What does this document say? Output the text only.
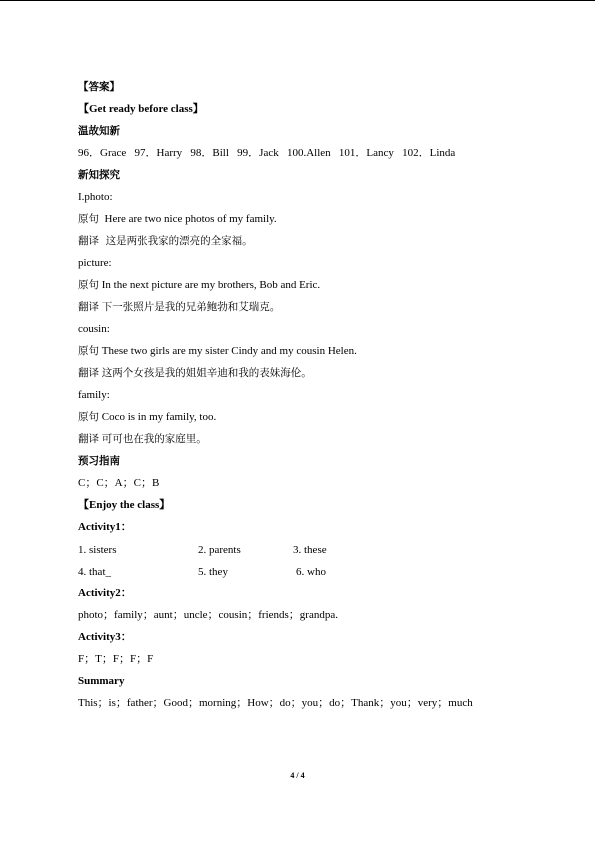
【答案】
【Get ready before class】
温故知新
96．Grace   97．Harry   98．Bill   99．Jack   100.Allen   101．Lancy   102．Linda
新知探究
I.photo:
原句  Here are two nice photos of my family.
翻译  这是两张我家的漂亮的全家福。
picture:
原句 In the next picture are my brothers, Bob and Eric.
翻译 下一张照片是我的兄弟鲍勃和艾瑞克。
cousin:
原句 These two girls are my sister Cindy and my cousin Helen.
翻译 这两个女孩是我的姐姐辛迪和我的表妹海伦。
family:
原句 Coco is in my family, too.
翻译 可可也在我的家庭里。
预习指南
C；C；A；C；B
【Enjoy the class】
Activity1：
1. sisters	2. parents	3. these
4. that_	5. they	6. who
Activity2：
photo；family；aunt；uncle；cousin；friends；grandpa.
Activity3：
F；T；F；F；F
Summary
This；is；father；Good；morning；How；do；you；do；Thank；you；very；much
4 / 4
